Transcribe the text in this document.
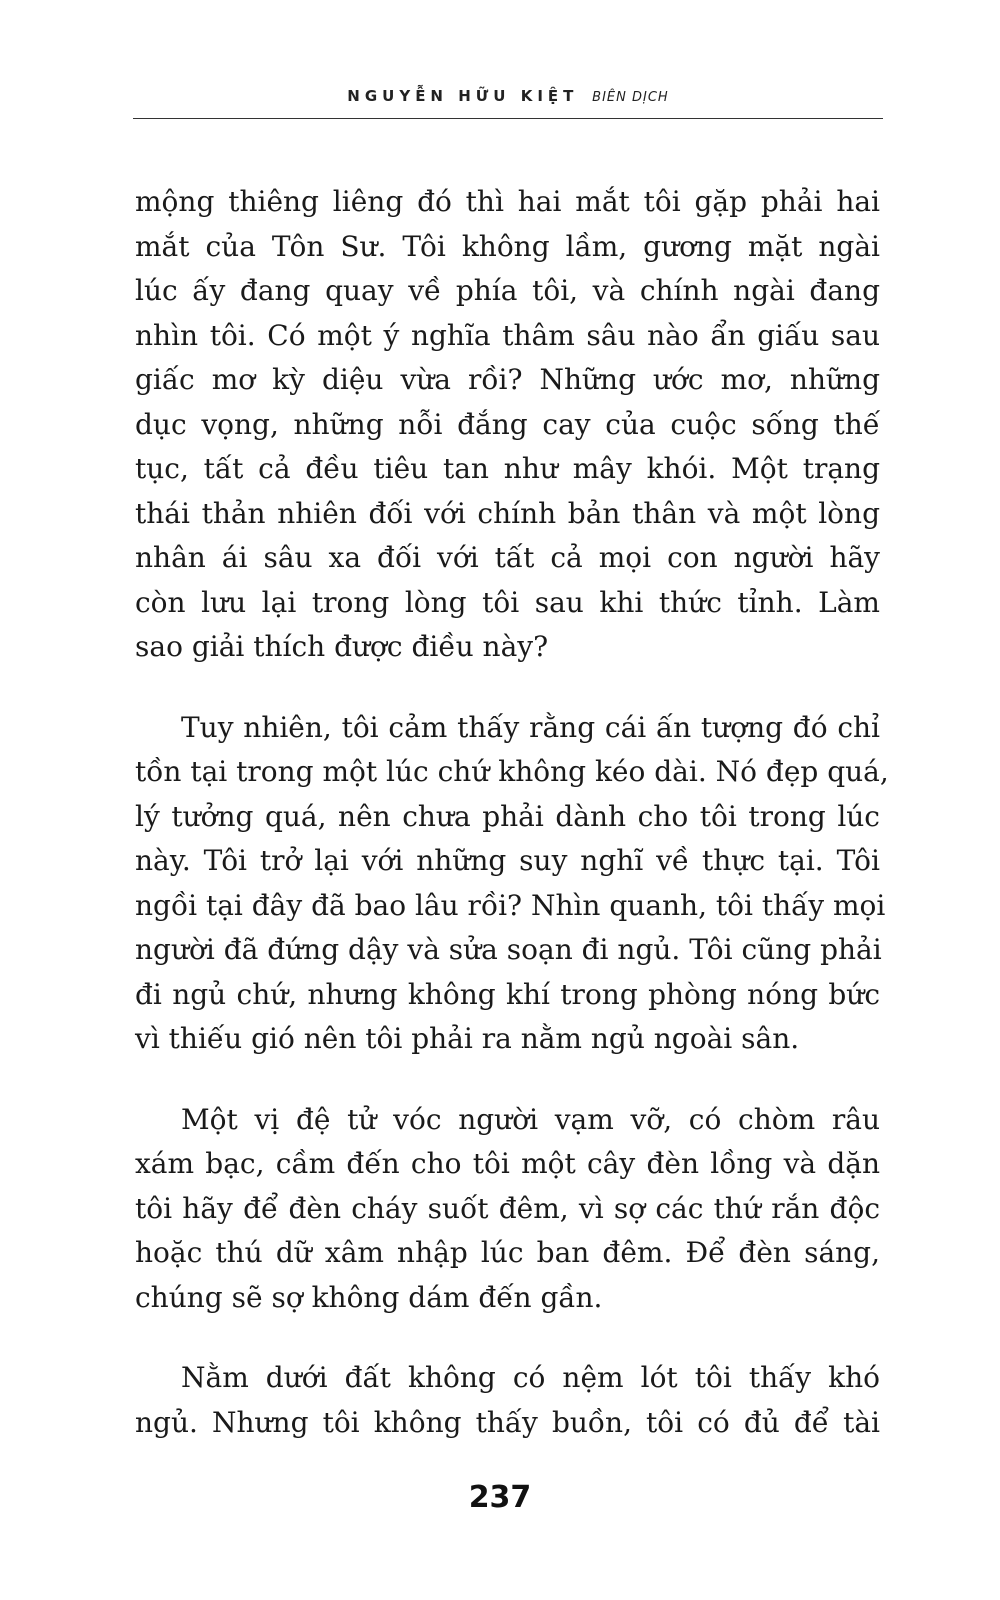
NGUYỄN HỮU KIỆT BIÊN DỊCH
mộng thiêng liêng đó thì hai mắt tôi gặp phải hai
mắt của Tôn Sư. Tôi không lầm, gương mặt ngài
lúc ấy đang quay về phía tôi, và chính ngài đang
nhìn tôi. Có một ý nghĩa thâm sâu nào ẩn giấu sau
giấc mơ kỳ diệu vừa rồi? Những ước mơ, những
dục vọng, những nỗi đắng cay của cuộc sống thế
tục, tất cả đều tiêu tan như mây khói. Một trạng
thái thản nhiên đối với chính bản thân và một lòng
nhân ái sâu xa đối với tất cả mọi con người hãy
còn lưu lại trong lòng tôi sau khi thức tỉnh. Làm
sao giải thích được điều này?
Tuy nhiên, tôi cảm thấy rằng cái ấn tượng đó chỉ
tồn tại trong một lúc chứ không kéo dài. Nó đẹp quá,
lý tưởng quá, nên chưa phải dành cho tôi trong lúc
này. Tôi trở lại với những suy nghĩ về thực tại. Tôi
ngồi tại đây đã bao lâu rồi? Nhìn quanh, tôi thấy mọi
người đã đứng dậy và sửa soạn đi ngủ. Tôi cũng phải
đi ngủ chứ, nhưng không khí trong phòng nóng bức
vì thiếu gió nên tôi phải ra nằm ngủ ngoài sân.
Một vị đệ tử vóc người vạm vỡ, có chòm râu
xám bạc, cầm đến cho tôi một cây đèn lồng và dặn
tôi hãy để đèn cháy suốt đêm, vì sợ các thứ rắn độc
hoặc thú dữ xâm nhập lúc ban đêm. Để đèn sáng,
chúng sẽ sợ không dám đến gần.
Nằm dưới đất không có nệm lót tôi thấy khó
ngủ. Nhưng tôi không thấy buồn, tôi có đủ để tài
237
